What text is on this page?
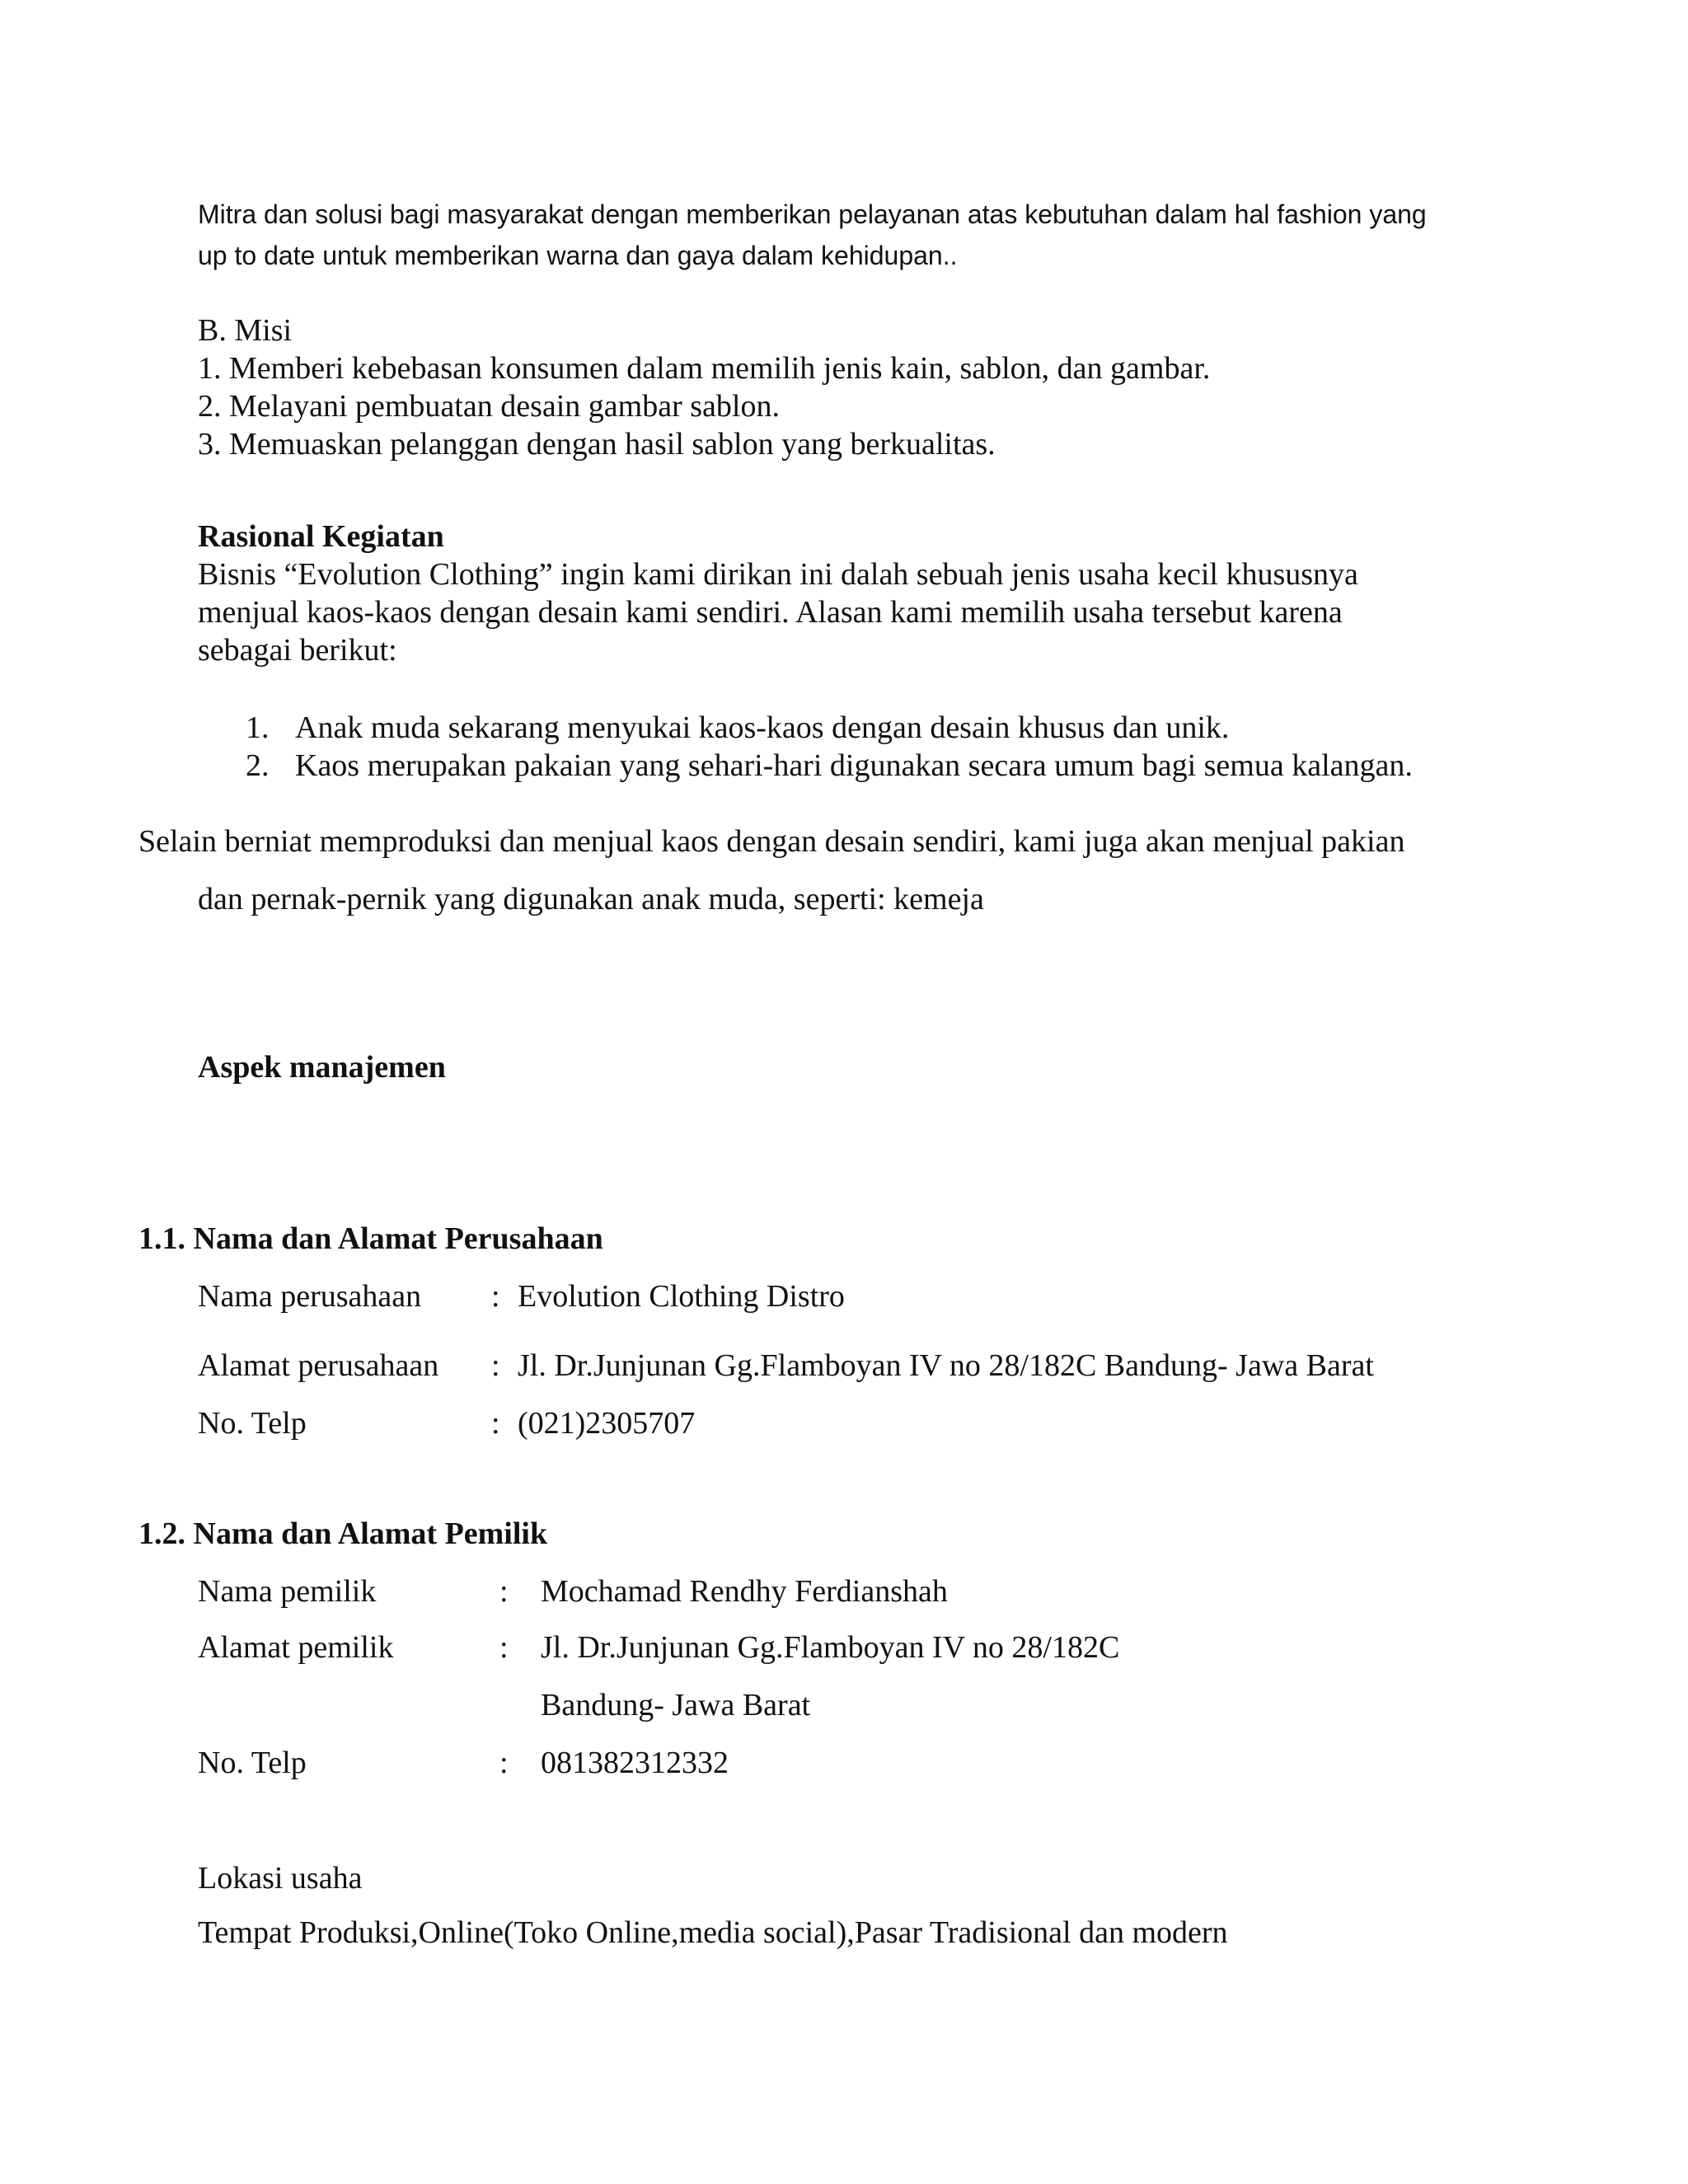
Mitra dan solusi bagi masyarakat dengan memberikan pelayanan atas kebutuhan dalam hal fashion yang
up to date untuk memberikan warna dan gaya dalam kehidupan..
B. Misi
1. Memberi kebebasan konsumen dalam memilih jenis kain, sablon, dan gambar.
2. Melayani pembuatan desain gambar sablon.
3. Memuaskan pelanggan dengan hasil sablon yang berkualitas.
Rasional Kegiatan
Bisnis “Evolution Clothing” ingin kami dirikan ini dalah sebuah jenis usaha kecil khususnya
menjual kaos-kaos dengan desain kami sendiri. Alasan kami memilih usaha tersebut karena
sebagai berikut:
1. Anak muda sekarang menyukai kaos-kaos dengan desain khusus dan unik.
2. Kaos merupakan pakaian yang sehari-hari digunakan secara umum bagi semua kalangan.
Selain berniat memproduksi dan menjual kaos dengan desain sendiri, kami juga akan menjual pakian
dan pernak-pernik yang digunakan anak muda, seperti: kemeja
Aspek manajemen
1.1. Nama dan Alamat Perusahaan
Nama perusahaan : Evolution Clothing Distro
Alamat perusahaan : Jl. Dr.Junjunan Gg.Flamboyan IV no 28/182C Bandung- Jawa Barat
No. Telp	: (021)2305707
1.2. Nama dan Alamat Pemilik
Nama pemilik	: Mochamad Rendhy Ferdianshah
Alamat pemilik	: Jl. Dr.Junjunan Gg.Flamboyan IV no 28/182C
Bandung- Jawa Barat
No. Telp	: 081382312332
Lokasi usaha
Tempat Produksi,Online(Toko Online,media social),Pasar Tradisional dan modern
